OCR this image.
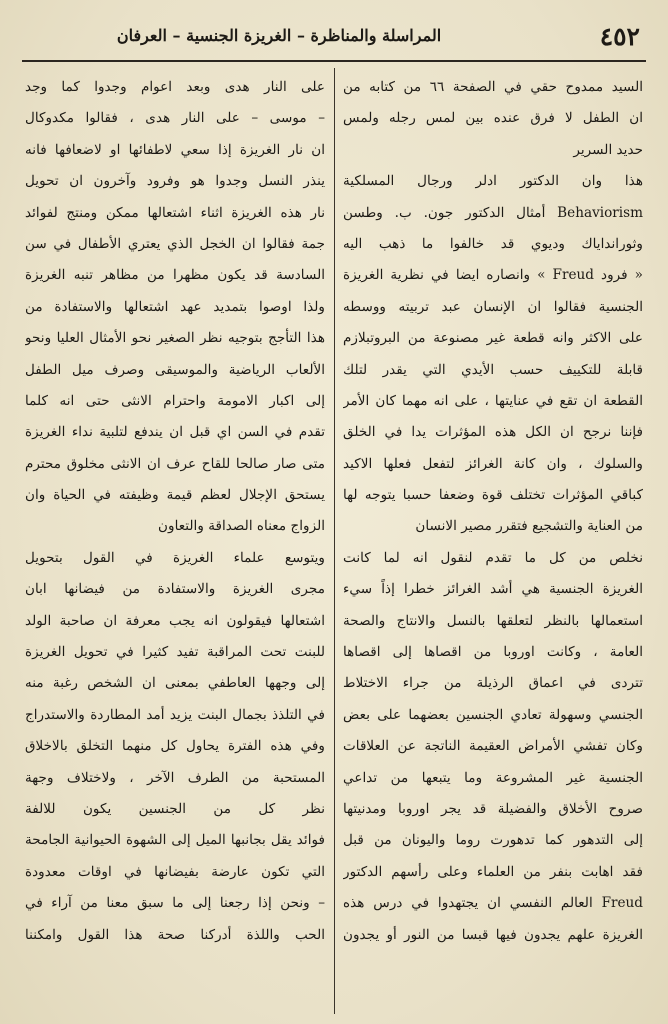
٤٥٢
المراسلة والمناظرة – الغريزة الجنسية – العرفان
السيد ممدوح حقي في الصفحة ٦٦ من كتابه من
ان الطفل لا فرق عنده بين لمس رجله ولمس
حديد السرير
هذا وان الدكتور ادلر ورجال المسلكية
Behaviorism أمثال الدكتور جون. ب. وطسن
وثورانداياك وديوي قد خالفوا ما ذهب اليه
« فرود Freud » وانصاره ايضا في نظرية الغريزة
الجنسية فقالوا ان الإنسان عبد تربيته ووسطه
على الاكثر وانه قطعة غير مصنوعة من البروتبلازم
قابلة للتكييف حسب الأيدي التي يقدر لتلك
القطعة ان تقع في عنايتها ، على انه مهما كان الأمر
فإننا نرجح ان الكل هذه المؤثرات يدا في الخلق
والسلوك ، وان كانة الغرائز لتفعل فعلها الاكيد
كباقي المؤثرات تختلف قوة وضعفا حسبا يتوجه لها
من العناية والتشجيع فتقرر مصير الانسان
نخلص من كل ما تقدم لنقول انه لما كانت
الغريزة الجنسية هي أشد الغرائز خطرا إذاً سيء
استعمالها بالنظر لتعلقها بالنسل والانتاج والصحة
العامة ، وكانت اوروبا من اقصاها إلى اقصاها
تتردى في اعماق الرذيلة من جراء الاختلاط
الجنسي وسهولة تعادي الجنسين بعضهما على بعض
وكان تفشي الأمراض العقيمة الناتجة عن العلاقات
الجنسية غير المشروعة وما يتبعها من تداعي
صروح الأخلاق والفضيلة قد يجر اوروبا ومدنيتها
إلى التدهور كما تدهورت روما واليونان من قبل
فقد اهابت بنفر من العلماء وعلى رأسهم الدكتور
Freud العالم النفسي ان يجتهدوا في درس هذه
الغريزة علهم يجدون فيها قبسا من النور أو يجدون
على النار هدى وبعد اعوام وجدوا كما وجد
– موسى – على النار هدى ، فقالوا مكدوكال
ان نار الغريزة إذا سعي لاطفائها او لاضعافها فانه
ينذر النسل وجدوا هو وفرود وآخرون ان تحويل
نار هذه الغريزة اثناء اشتعالها ممكن ومنتج لفوائد
جمة فقالوا ان الخجل الذي يعتري الأطفال في سن
السادسة قد يكون مظهرا من مظاهر تنبه الغريزة
ولذا اوصوا بتمديد عهد اشتعالها والاستفادة من
هذا التأجج بتوجيه نظر الصغير نحو الأمثال العليا ونحو
الألعاب الرياضية والموسيقى وصرف ميل الطفل
إلى اكبار الامومة واحترام الانثى حتى انه كلما
تقدم في السن اي قبل ان يندفع لتلبية نداء الغريزة
متى صار صالحا للقاح عرف ان الانثى مخلوق محترم
يستحق الإجلال لعظم قيمة وظيفته في الحياة وان
الزواج معناه الصداقة والتعاون
ويتوسع علماء الغريزة في القول بتحويل
مجرى الغريزة والاستفادة من فيضانها ابان
اشتعالها فيقولون انه يجب معرفة ان صاحبة الولد
للبنت تحت المراقبة تفيد كثيرا في تحويل الغريزة
إلى وجهها العاطفي بمعنى ان الشخص رغبة منه
في التلذذ بجمال البنت يزيد أمد المطاردة والاستدراج
وفي هذه الفترة يحاول كل منهما التخلق بالاخلاق
المستحبة من الطرف الآخر ، ولاختلاف وجهة
نظر كل من الجنسين يكون للالفة
فوائد يقل بجانبها الميل إلى الشهوة الحيوانية الجامحة
التي تكون عارضة بفيضانها في اوقات معدودة
– ونحن إذا رجعنا إلى ما سبق معنا من آراء في
الحب واللذة أدركنا صحة هذا القول وامكننا
